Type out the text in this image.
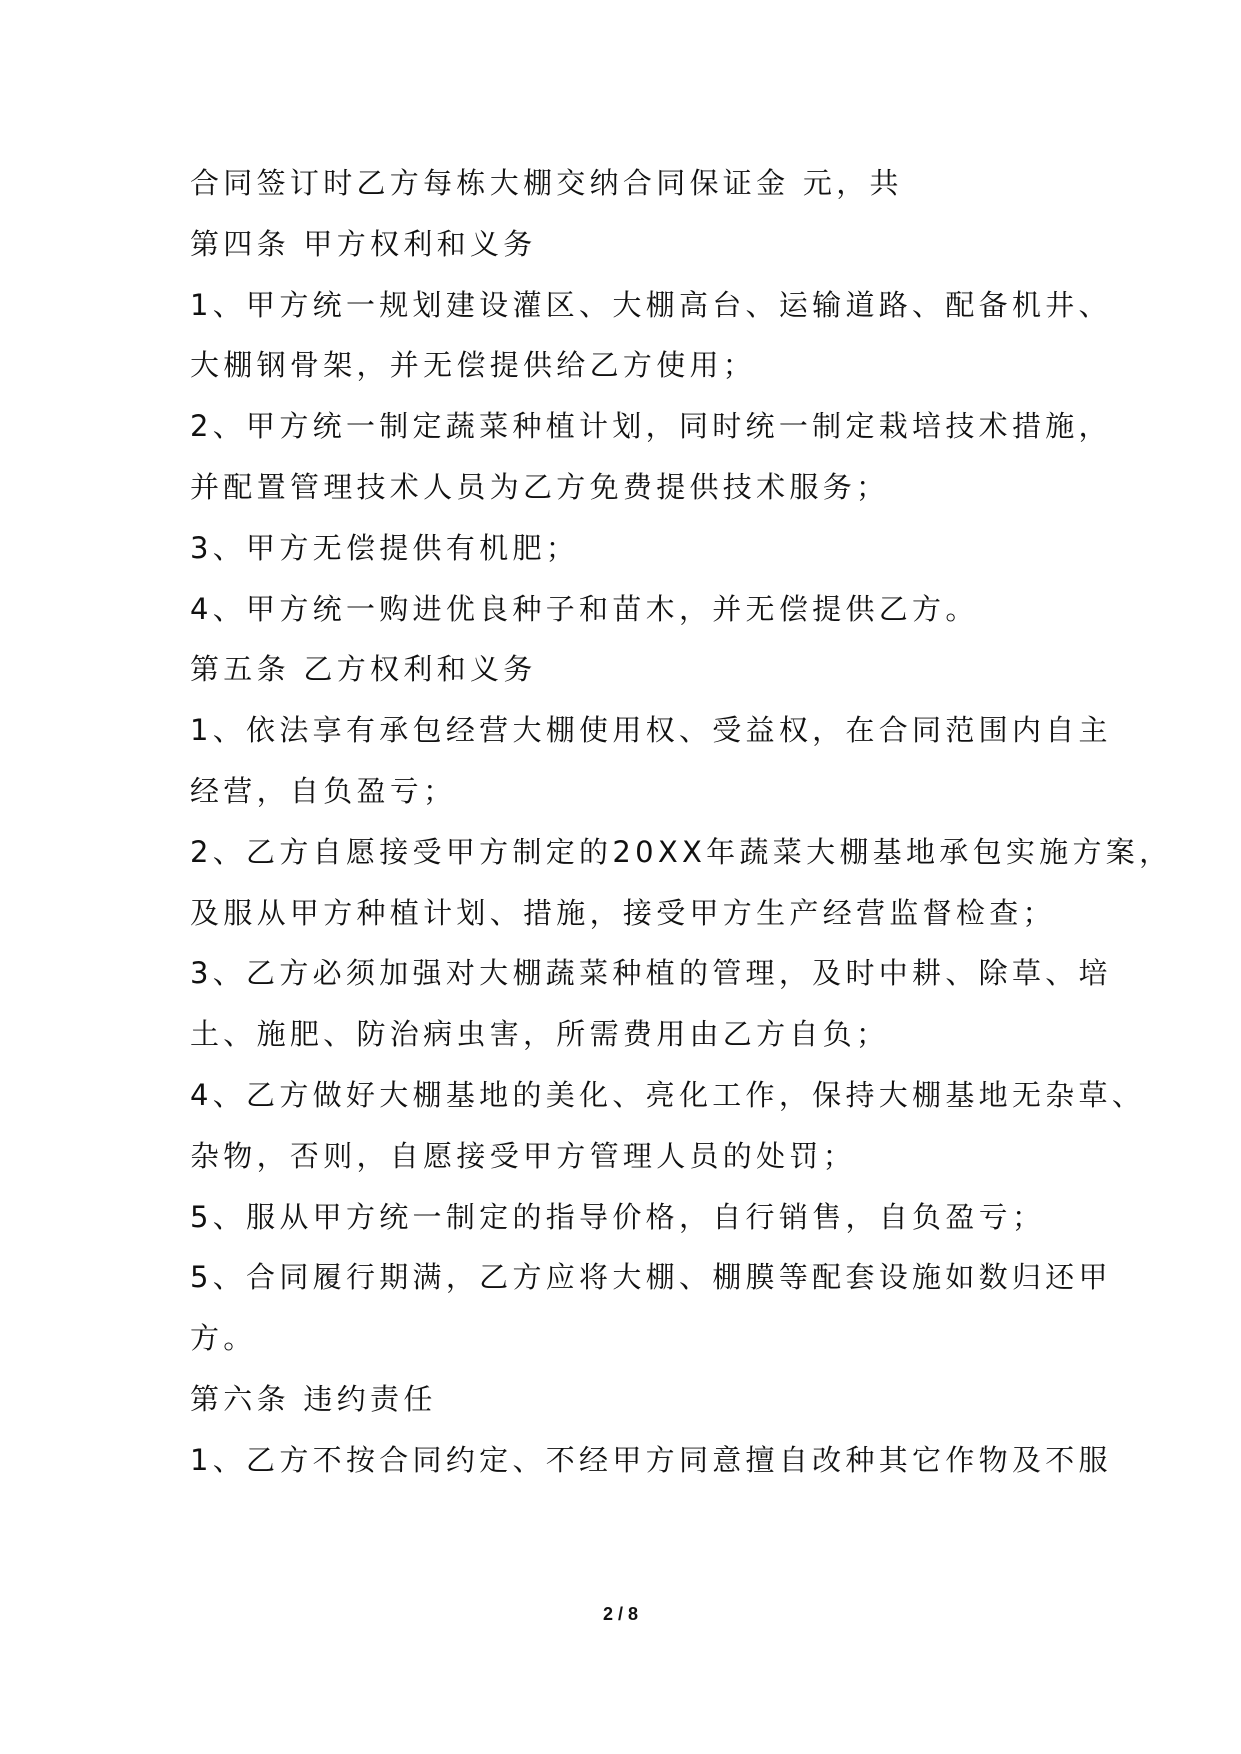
合同签订时乙方每栋大棚交纳合同保证金 元，共
第四条 甲方权利和义务
1、甲方统一规划建设灌区、大棚高台、运输道路、配备机井、
大棚钢骨架，并无偿提供给乙方使用；
2、甲方统一制定蔬菜种植计划，同时统一制定栽培技术措施，
并配置管理技术人员为乙方免费提供技术服务；
3、甲方无偿提供有机肥；
4、甲方统一购进优良种子和苗木，并无偿提供乙方。
第五条 乙方权利和义务
1、依法享有承包经营大棚使用权、受益权，在合同范围内自主
经营，自负盈亏；
2、乙方自愿接受甲方制定的20XX年蔬菜大棚基地承包实施方案，
及服从甲方种植计划、措施，接受甲方生产经营监督检查；
3、乙方必须加强对大棚蔬菜种植的管理，及时中耕、除草、培
土、施肥、防治病虫害，所需费用由乙方自负；
4、乙方做好大棚基地的美化、亮化工作，保持大棚基地无杂草、
杂物，否则，自愿接受甲方管理人员的处罚；
5、服从甲方统一制定的指导价格，自行销售，自负盈亏；
5、合同履行期满，乙方应将大棚、棚膜等配套设施如数归还甲
方。
第六条 违约责任
1、乙方不按合同约定、不经甲方同意擅自改种其它作物及不服
2 / 8
